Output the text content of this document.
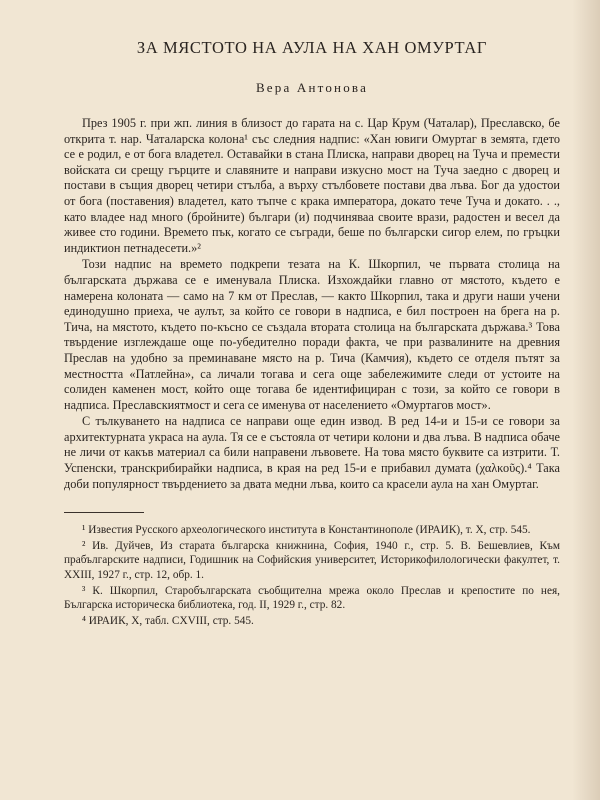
ЗА МЯСТОТО НА АУЛА НА ХАН ОМУРТАГ
Вера Антонова

През 1905 г. при жп. линия в близост до гарата на с. Цар Крум (Чаталар), Преславско, бе открита т. нар. Чаталарска колона¹ със следния надпис: «Хан ювиги Омуртаг в земята, гдето се е родил, е от бога владетел. Оставайки в стана Плиска, направи дворец на Туча и премести войската си срещу гърците и славяните и направи изкусно мост на Туча заедно с дворец и постави в същия дворец четири стълба, а върху стълбовете постави два лъва. Бог да удостои от бога (поставения) владетел, като тъпче с крака императора, докато тече Туча и докато. . ., като владее над много (бройните) българи (и) подчиняваа своите врази, радостен и весел да живее сто години. Времето пък, когато се съгради, беше по български сигор елем, по гръцки индиктион петнадесети.»²

Този надпис на времето подкрепи тезата на К. Шкорпил, че първата столица на българската държава се е именувала Плиска. Изхождайки главно от мястото, където е намерена колоната — само на 7 км от Преслав, — както Шкорпил, така и други наши учени единодушно приеха, че аулът, за който се говори в надписа, е бил построен на брега на р. Тича, на мястото, където по-късно се създала втората столица на българската държава.³ Това твърдение изглеждаше още по-убедително поради факта, че при развалините на древния Преслав на удобно за преминаване място на р. Тича (Камчия), където се отделя пътят за местността «Патлейна», са личали тогава и сега още забележимите следи от устоите на солиден каменен мост, който още тогава бе идентифициран с този, за който се говори в надписа. Преславскиятмост и сега се именува от населението «Омуртагов мост».

С тълкуването на надписа се направи още един извод. В ред 14-и и 15-и се говори за архитектурната украса на аула. Тя се е състояла от четири колони и два лъва. В надписа обаче не личи от какъв материал са били направени лъвовете. На това място буквите са изтрити. Т. Успенски, транскрибирайки надписа, в края на ред 15-и е прибавил думата (χαλκοῦς).⁴ Така доби популярност твърдението за двата медни лъва, които са красели аула на хан Омуртаг.

¹ Известия Русского археологического института в Константинополе (ИРАИК), т. Х, стр. 545.

² Ив. Дуйчев, Из старата българска книжнина, София, 1940 г., стр. 5. В. Бешевлиев, Към прабългарските надписи, Годишник на Софийския университет, Историкофилологически факултет, т. XXIII, 1927 г., стр. 12, обр. 1.

³ К. Шкорпил, Старобългарската съобщителна мрежа около Преслав и крепостите по нея, Българска историческа библиотека, год. II, 1929 г., стр. 82.

⁴ ИРАИК, Х, табл. CXVIII, стр. 545.
